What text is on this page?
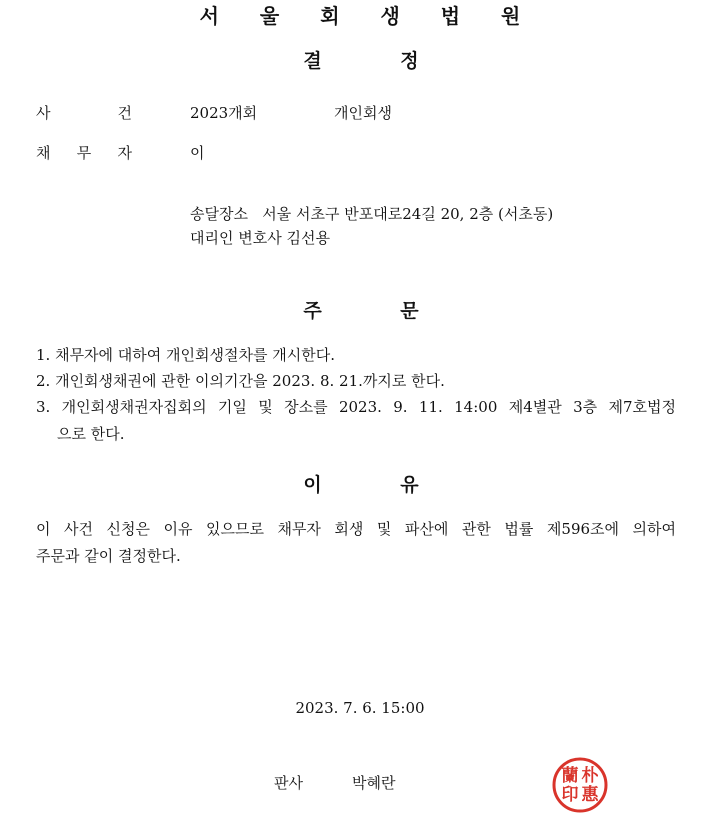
서 울 회 생 법 원
결 정
사	건	2023개회	개인회생
채 무 자	이
송달장소 서울 서초구 반포대로24길 20, 2층 (서초동)
대리인 변호사 김선용
주 문
1. 채무자에 대하여 개인회생절차를 개시한다.
2. 개인회생채권에 관한 이의기간을 2023. 8. 21.까지로 한다.
3. 개인회생채권자집회의 기일 및 장소를 2023. 9. 11. 14:00 제4별관 3층 제7호법정
으로 한다.
이 유
이 사건 신청은 이유 있으므로 채무자 회생 및 파산에 관한 법률 제596조에 의하여
주문과 같이 결정한다.
2023. 7. 6. 15:00
판사	박혜란	朴
惠
蘭
印
